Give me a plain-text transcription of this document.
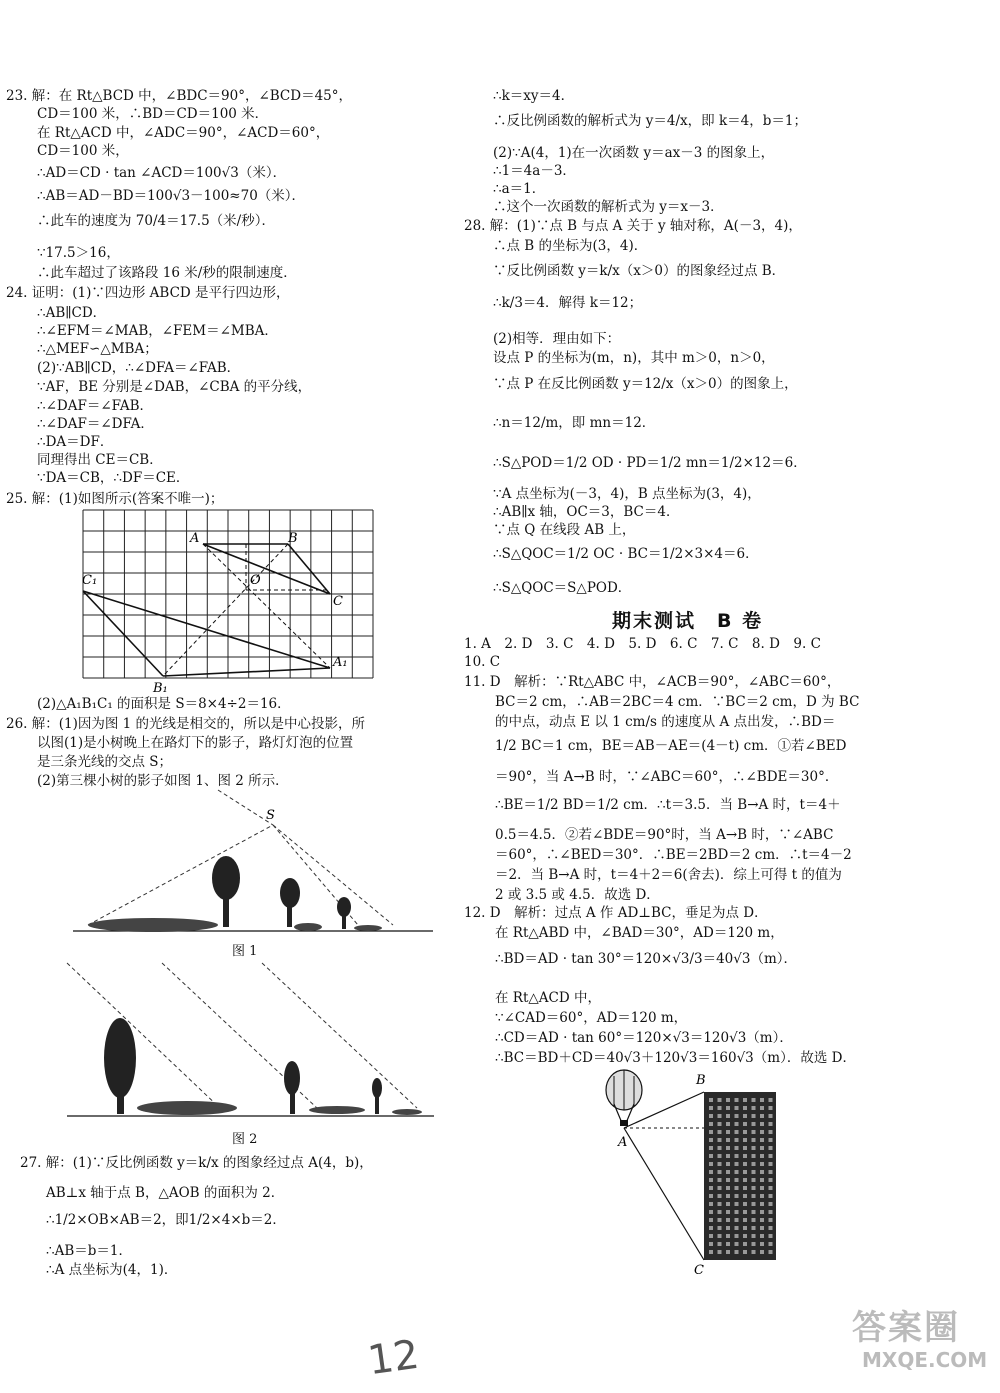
23. 解：在 Rt△BCD 中，∠BDC＝90°，∠BCD＝45°，
CD＝100 米，∴BD＝CD＝100 米．
在 Rt△ACD 中，∠ADC＝90°，∠ACD＝60°，
CD＝100 米，
∴AD＝CD · tan ∠ACD＝100√3（米）．
∴AB＝AD－BD＝100√3－100≈70（米）．
∴此车的速度为 70/4＝17.5（米/秒）．
∵17.5＞16，
∴此车超过了该路段 16 米/秒的限制速度．
24. 证明：(1)∵四边形 ABCD 是平行四边形，
∴AB∥CD．
∴∠EFM＝∠MAB，∠FEM＝∠MBA．
∴△MEF∽△MBA；
(2)∵AB∥CD，∴∠DFA＝∠FAB．
∵AF，BE 分别是∠DAB，∠CBA 的平分线，
∴∠DAF＝∠FAB．
∴∠DAF＝∠DFA．
∴DA＝DF．
同理得出 CE＝CB．
∵DA＝CB，∴DF＝CE．
25. 解：(1)如图所示(答案不唯一)；
(2)△A₁B₁C₁ 的面积是 S＝8×4÷2＝16．
26. 解：(1)因为图 1 的光线是相交的，所以是中心投影，所
以图(1)是小树晚上在路灯下的影子，路灯灯泡的位置
是三条光线的交点 S；
(2)第三棵小树的影子如图 1、图 2 所示．
27. 解：(1)∵反比例函数 y＝k/x 的图象经过点 A(4，b)，
AB⊥x 轴于点 B，△AOB 的面积为 2．
∴1/2×OB×AB＝2，即1/2×4×b＝2．
∴AB＝b＝1．
∴A 点坐标为(4，1)．
∴k＝xy＝4．
∴反比例函数的解析式为 y＝4/x，即 k＝4，b＝1；
(2)∵A(4，1)在一次函数 y＝ax－3 的图象上，
∴1＝4a－3．
∴a＝1．
∴这个一次函数的解析式为 y＝x－3．
28. 解：(1)∵点 B 与点 A 关于 y 轴对称，A(－3，4)，
∴点 B 的坐标为(3，4)．
∵反比例函数 y＝k/x（x＞0）的图象经过点 B．
∴k/3＝4．解得 k＝12；
(2)相等．理由如下：
设点 P 的坐标为(m，n)，其中 m＞0，n＞0，
∵点 P 在反比例函数 y＝12/x（x＞0）的图象上，
∴n＝12/m，即 mn＝12．
∴S△POD＝1/2 OD · PD＝1/2 mn＝1/2×12＝6．
∵A 点坐标为(－3，4)，B 点坐标为(3，4)，
∴AB∥x 轴，OC＝3，BC＝4．
∵点 Q 在线段 AB 上，
∴S△QOC＝1/2 OC · BC＝1/2×3×4＝6．
∴S△QOC＝S△POD．
期末测试　B 卷
1. A　2. D　3. C　4. D　5. D　6. C　7. C　8. D　9. C
10. C
11. D　解析：∵Rt△ABC 中，∠ACB＝90°，∠ABC＝60°，
BC＝2 cm，∴AB＝2BC＝4 cm．∵BC＝2 cm，D 为 BC
的中点，动点 E 以 1 cm/s 的速度从 A 点出发，∴BD＝
1/2 BC＝1 cm，BE＝AB－AE＝(4－t) cm．①若∠BED
＝90°，当 A→B 时，∵∠ABC＝60°，∴∠BDE＝30°．
∴BE＝1/2 BD＝1/2 cm．∴t＝3.5．当 B→A 时，t＝4＋
0.5＝4.5．②若∠BDE＝90°时，当 A→B 时，∵∠ABC
＝60°，∴∠BED＝30°．∴BE＝2BD＝2 cm．∴t＝4－2
＝2．当 B→A 时，t＝4＋2＝6(舍去)．综上可得 t 的值为
2 或 3.5 或 4.5．故选 D．
12. D　解析：过点 A 作 AD⊥BC，垂足为点 D．
在 Rt△ABD 中，∠BAD＝30°，AD＝120 m，
∴BD＝AD · tan 30°＝120×√3/3＝40√3（m）．
在 Rt△ACD 中，
∵∠CAD＝60°，AD＝120 m，
∴CD＝AD · tan 60°＝120×√3＝120√3（m）．
∴BC＝BD＋CD＝40√3＋120√3＝160√3（m）．故选 D．
A	B
C₁	O
C
A₁
B₁
S
图 1
图 2
B
A
C
12
答案圈
MXQE.COM
